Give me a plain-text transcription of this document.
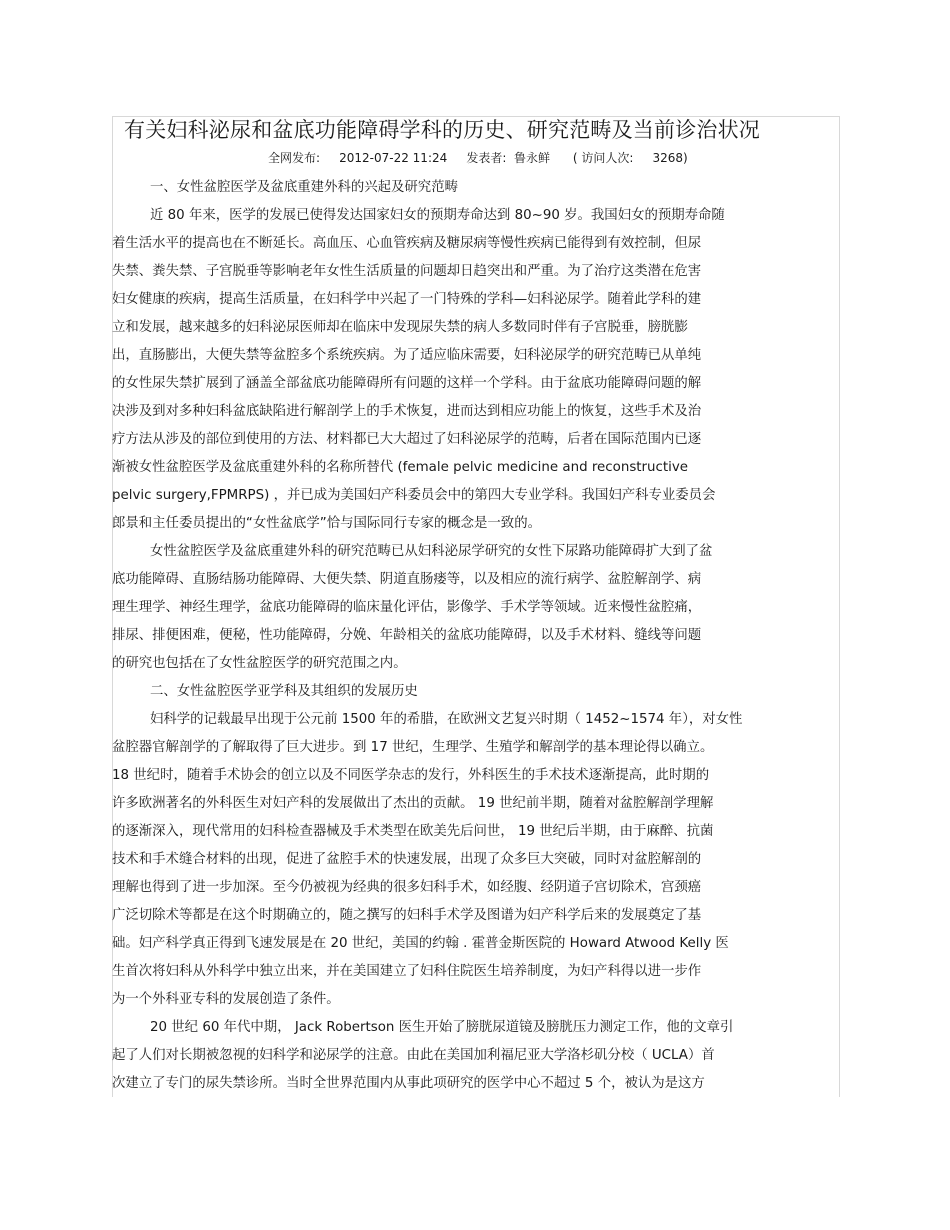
有关妇科泌尿和盆底功能障碍学科的历史、研究范畴及当前诊治状况
全网发布:     2012-07-22 11:24     发表者:  鲁永鲜      ( 访问人次:     3268)
一、女性盆腔医学及盆底重建外科的兴起及研究范畴
近 80 年来，医学的发展已使得发达国家妇女的预期寿命达到 80~90 岁。我国妇女的预期寿命随
着生活水平的提高也在不断延长。高血压、心血管疾病及糖尿病等慢性疾病已能得到有效控制，但尿
失禁、粪失禁、子宫脱垂等影响老年女性生活质量的问题却日趋突出和严重。为了治疗这类潜在危害
妇女健康的疾病，提高生活质量，在妇科学中兴起了一门特殊的学科—妇科泌尿学。随着此学科的建
立和发展，越来越多的妇科泌尿医师却在临床中发现尿失禁的病人多数同时伴有子宫脱垂，膀胱膨
出，直肠膨出，大便失禁等盆腔多个系统疾病。为了适应临床需要，妇科泌尿学的研究范畴已从单纯
的女性尿失禁扩展到了涵盖全部盆底功能障碍所有问题的这样一个学科。由于盆底功能障碍问题的解
决涉及到对多种妇科盆底缺陷进行解剖学上的手术恢复，进而达到相应功能上的恢复，这些手术及治
疗方法从涉及的部位到使用的方法、材料都已大大超过了妇科泌尿学的范畴，后者在国际范围内已逐
渐被女性盆腔医学及盆底重建外科的名称所替代 (female pelvic medicine and reconstructive
pelvic surgery,FPMRPS) ，并已成为美国妇产科委员会中的第四大专业学科。我国妇产科专业委员会
郎景和主任委员提出的“女性盆底学”恰与国际同行专家的概念是一致的。
女性盆腔医学及盆底重建外科的研究范畴已从妇科泌尿学研究的女性下尿路功能障碍扩大到了盆
底功能障碍、直肠结肠功能障碍、大便失禁、阴道直肠瘘等，以及相应的流行病学、盆腔解剖学、病
理生理学、神经生理学，盆底功能障碍的临床量化评估，影像学、手术学等领域。近来慢性盆腔痛，
排尿、排便困难，便秘，性功能障碍，分娩、年龄相关的盆底功能障碍，以及手术材料、缝线等问题
的研究也包括在了女性盆腔医学的研究范围之内。
二、女性盆腔医学亚学科及其组织的发展历史
妇科学的记载最早出现于公元前 1500 年的希腊，在欧洲文艺复兴时期（ 1452~1574 年），对女性
盆腔器官解剖学的了解取得了巨大进步。到 17 世纪，生理学、生殖学和解剖学的基本理论得以确立。
18 世纪时，随着手术协会的创立以及不同医学杂志的发行，外科医生的手术技术逐渐提高，此时期的
许多欧洲著名的外科医生对妇产科的发展做出了杰出的贡献。 19 世纪前半期，随着对盆腔解剖学理解
的逐渐深入，现代常用的妇科检查器械及手术类型在欧美先后问世， 19 世纪后半期，由于麻醉、抗菌
技术和手术缝合材料的出现，促进了盆腔手术的快速发展，出现了众多巨大突破，同时对盆腔解剖的
理解也得到了进一步加深。至今仍被视为经典的很多妇科手术，如经腹、经阴道子宫切除术，宫颈癌
广泛切除术等都是在这个时期确立的，随之撰写的妇科手术学及图谱为妇产科学后来的发展奠定了基
础。妇产科学真正得到飞速发展是在 20 世纪，美国的约翰 . 霍普金斯医院的 Howard Atwood Kelly 医
生首次将妇科从外科学中独立出来，并在美国建立了妇科住院医生培养制度，为妇产科得以进一步作
为一个外科亚专科的发展创造了条件。
20 世纪 60 年代中期， Jack Robertson 医生开始了膀胱尿道镜及膀胱压力测定工作，他的文章引
起了人们对长期被忽视的妇科学和泌尿学的注意。由此在美国加利福尼亚大学洛杉矶分校（ UCLA）首
次建立了专门的尿失禁诊所。当时全世界范围内从事此项研究的医学中心不超过 5 个，被认为是这方
